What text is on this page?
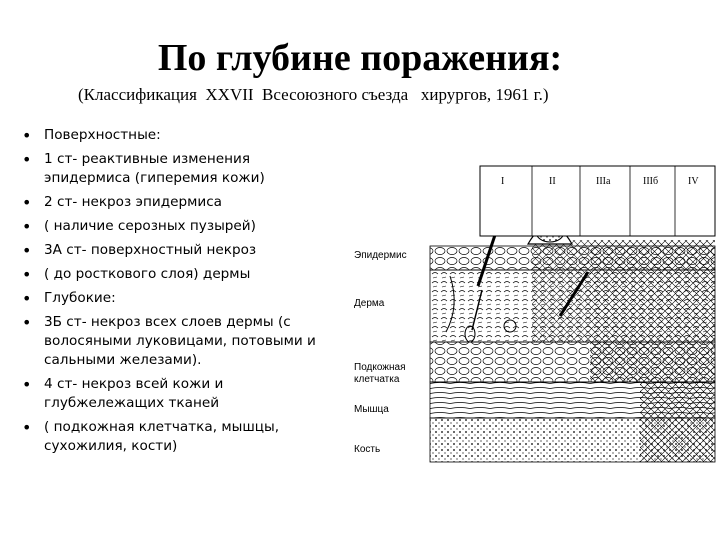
По глубине поражения:
(Классификация  XXVII  Всесоюзного съезда   хирургов, 1961 г.)
• Поверхностные:
• 1 ст- реактивные изменения эпидермиса (гиперемия кожи)
• 2 ст- некроз эпидермиса
• ( наличие серозных пузырей)
• 3А ст- поверхностный некроз
• ( до росткового слоя) дермы
• Глубокие:
• 3Б ст- некроз всех слоев дермы (с волосяными луковицами, потовыми и сальными железами).
• 4 ст- некроз всей кожи и глубжележащих тканей
• ( подкожная клетчатка, мышцы, сухожилия, кости)
I	II	IIIa	IIIб	IV
Эпидермис
Дерма
Подкожная
клетчатка
Мышца
Кость
